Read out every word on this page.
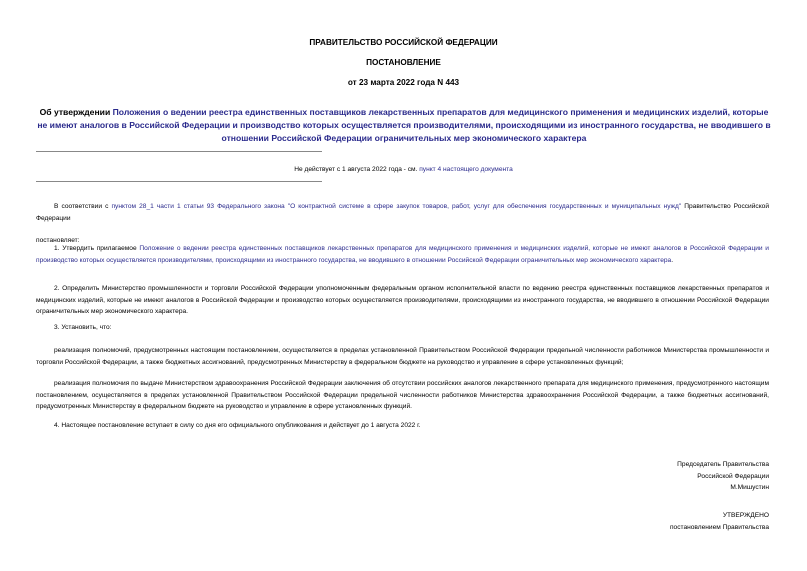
ПРАВИТЕЛЬСТВО РОССИЙСКОЙ ФЕДЕРАЦИИ
ПОСТАНОВЛЕНИЕ
от 23 марта 2022 года N 443
Об утверждении Положения о ведении реестра единственных поставщиков лекарственных препаратов для медицинского применения и медицинских изделий, которые не имеют аналогов в Российской Федерации и производство которых осуществляется производителями, происходящими из иностранного государства, не вводившего в отношении Российской Федерации ограничительных мер экономического характера
Не действует с 1 августа 2022 года - см. пункт 4 настоящего документа
В соответствии с пунктом 28_1 части 1 статьи 93 Федерального закона "О контрактной системе в сфере закупок товаров, работ, услуг для обеспечения государственных и муниципальных нужд" Правительство Российской Федерации
постановляет:
1. Утвердить прилагаемое Положение о ведении реестра единственных поставщиков лекарственных препаратов для медицинского применения и медицинских изделий, которые не имеют аналогов в Российской Федерации и производство которых осуществляется производителями, происходящими из иностранного государства, не вводившего в отношении Российской Федерации ограничительных мер экономического характера.
2. Определить Министерство промышленности и торговли Российской Федерации уполномоченным федеральным органом исполнительной власти по ведению реестра единственных поставщиков лекарственных препаратов и медицинских изделий, которые не имеют аналогов в Российской Федерации и производство которых осуществляется производителями, происходящими из иностранного государства, не вводившего в отношении Российской Федерации ограничительных мер экономического характера.
3. Установить, что:
реализация полномочий, предусмотренных настоящим постановлением, осуществляется в пределах установленной Правительством Российской Федерации предельной численности работников Министерства промышленности и торговли Российской Федерации, а также бюджетных ассигнований, предусмотренных Министерству в федеральном бюджете на руководство и управление в сфере установленных функций;
реализация полномочия по выдаче Министерством здравоохранения Российской Федерации заключения об отсутствии российских аналогов лекарственного препарата для медицинского применения, предусмотренного настоящим постановлением, осуществляется в пределах установленной Правительством Российской Федерации предельной численности работников Министерства здравоохранения Российской Федерации, а также бюджетных ассигнований, предусмотренных Министерству в федеральном бюджете на руководство и управление в сфере установленных функций.
4. Настоящее постановление вступает в силу со дня его официального опубликования и действует до 1 августа 2022 г.
Председатель Правительства
Российской Федерации
М.Мишустин
УТВЕРЖДЕНО
постановлением Правительства
